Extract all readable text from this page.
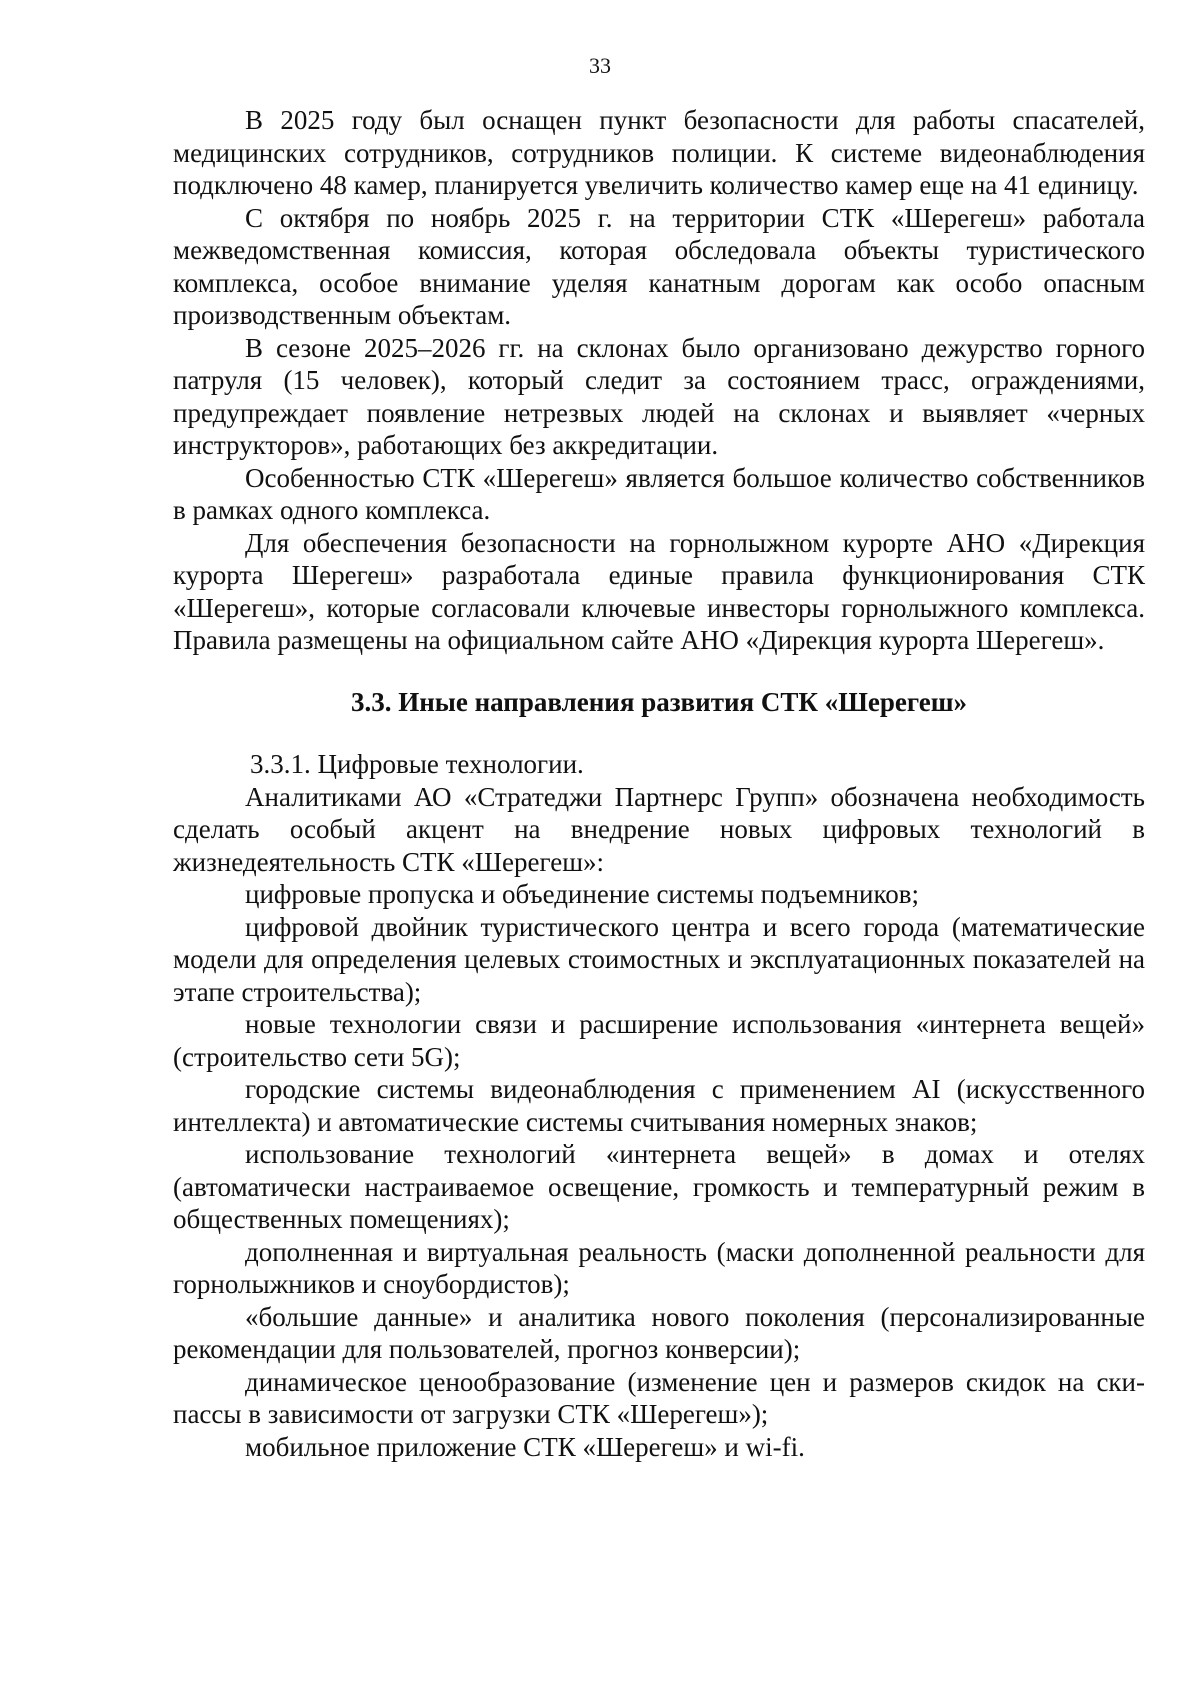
33

В 2025 году был оснащен пункт безопасности для работы спасателей, медицинских сотрудников, сотрудников полиции. К системе видеонаблюдения подключено 48 камер, планируется увеличить количество камер еще на 41 единицу.

С октября по ноябрь 2025 г. на территории СТК «Шерегеш» работала межведомственная комиссия, которая обследовала объекты туристического комплекса, особое внимание уделяя канатным дорогам как особо опасным производственным объектам.

В сезоне 2025–2026 гг. на склонах было организовано дежурство горного патруля (15 человек), который следит за состоянием трасс, ограждениями, предупреждает появление нетрезвых людей на склонах и выявляет «черных инструкторов», работающих без аккредитации.

Особенностью СТК «Шерегеш» является большое количество собственников в рамках одного комплекса.

Для обеспечения безопасности на горнолыжном курорте АНО «Дирекция курорта Шерегеш» разработала единые правила функционирования СТК «Шерегеш», которые согласовали ключевые инвесторы горнолыжного комплекса. Правила размещены на официальном сайте АНО «Дирекция курорта Шерегеш».

3.3. Иные направления развития СТК «Шерегеш»

3.3.1. Цифровые технологии.

Аналитиками АО «Стратеджи Партнерс Групп» обозначена необходимость сделать особый акцент на внедрение новых цифровых технологий в жизнедеятельность СТК «Шерегеш»:

цифровые пропуска и объединение системы подъемников;

цифровой двойник туристического центра и всего города (математические модели для определения целевых стоимостных и эксплуатационных показателей на этапе строительства);

новые технологии связи и расширение использования «интернета вещей» (строительство сети 5G);

городские системы видеонаблюдения с применением AI (искусственного интеллекта) и автоматические системы считывания номерных знаков;

использование технологий «интернета вещей» в домах и отелях (автоматически настраиваемое освещение, громкость и температурный режим в общественных помещениях);

дополненная и виртуальная реальность (маски дополненной реальности для горнолыжников и сноубордистов);

«большие данные» и аналитика нового поколения (персонализированные рекомендации для пользователей, прогноз конверсии);

динамическое ценообразование (изменение цен и размеров скидок на ски-пассы в зависимости от загрузки СТК «Шерегеш»);

мобильное приложение СТК «Шерегеш» и wi-fi.
